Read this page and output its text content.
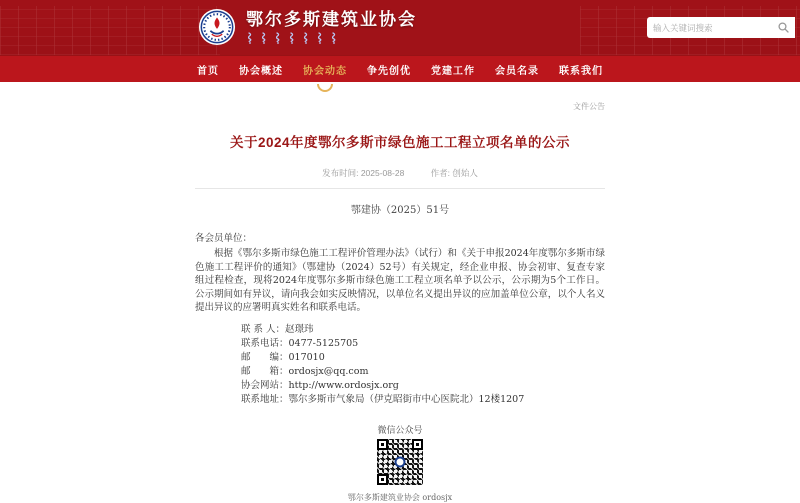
鄂尔多斯建筑业协会
输入关键词搜索
首页 协会概述 协会动态 争先创优 党建工作 会员名录 联系我们
文件公告
关于2024年度鄂尔多斯市绿色施工工程立项名单的公示
发布时间: 2025-08-28	作者: 创始人
鄂建协（2025）51号

各会员单位：

根据《鄂尔多斯市绿色施工工程评价管理办法》（试行）和《关于申报2024年度鄂尔多斯市绿色施工工程评价的通知》（鄂建协（2024）52号）有关规定，经企业申报、协会初审、复查专家组过程检查，现将2024年度鄂尔多斯市绿色施工工程立项名单予以公示，公示期为5个工作日。公示期间如有异议，请向我会如实反映情况，以单位名义提出异议的应加盖单位公章，以个人名义提出异议的应署明真实姓名和联系电话。

联 系 人：赵璟玮
联系电话：0477-5125705
邮　　编：017010
邮　　箱：ordosjx@qq.com
协会网站：http://www.ordosjx.org
联系地址：鄂尔多斯市气象局（伊克昭街市中心医院北）12楼1207
微信公众号
鄂尔多斯建筑业协会 ordosjx
